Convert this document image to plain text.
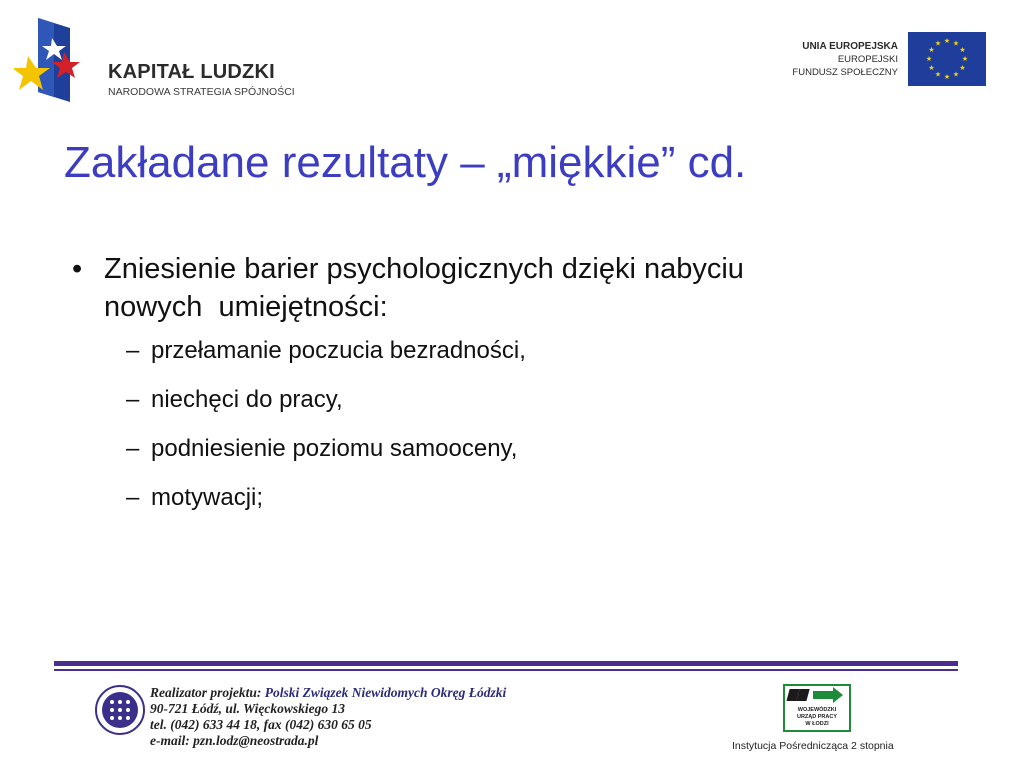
KAPITAŁ LUDZKI
NARODOWA STRATEGIA SPÓJNOŚCI
UNIA EUROPEJSKA
EUROPEJSKI
FUNDUSZ SPOŁECZNY
★ ★
★
★
★
★
★
★
★
★
★
★
Zakładane rezultaty – „miękkie” cd.
• Zniesienie barier psychologicznych dzięki nabyciu
nowych  umiejętności:
– przełamanie poczucia bezradności,
– niechęci do pracy,
– podniesienie poziomu samooceny,
– motywacji;
Realizator projektu: Polski Związek Niewidomych Okręg Łódzki
90-721 Łódź, ul. Więckowskiego 13
tel. (042) 633 44 18, fax (042) 630 65 05
e-mail: pzn.lodz@neostrada.pl
WOJEWÓDZKI
URZĄD PRACY
W ŁODZI
Instytucja Pośrednicząca 2 stopnia
